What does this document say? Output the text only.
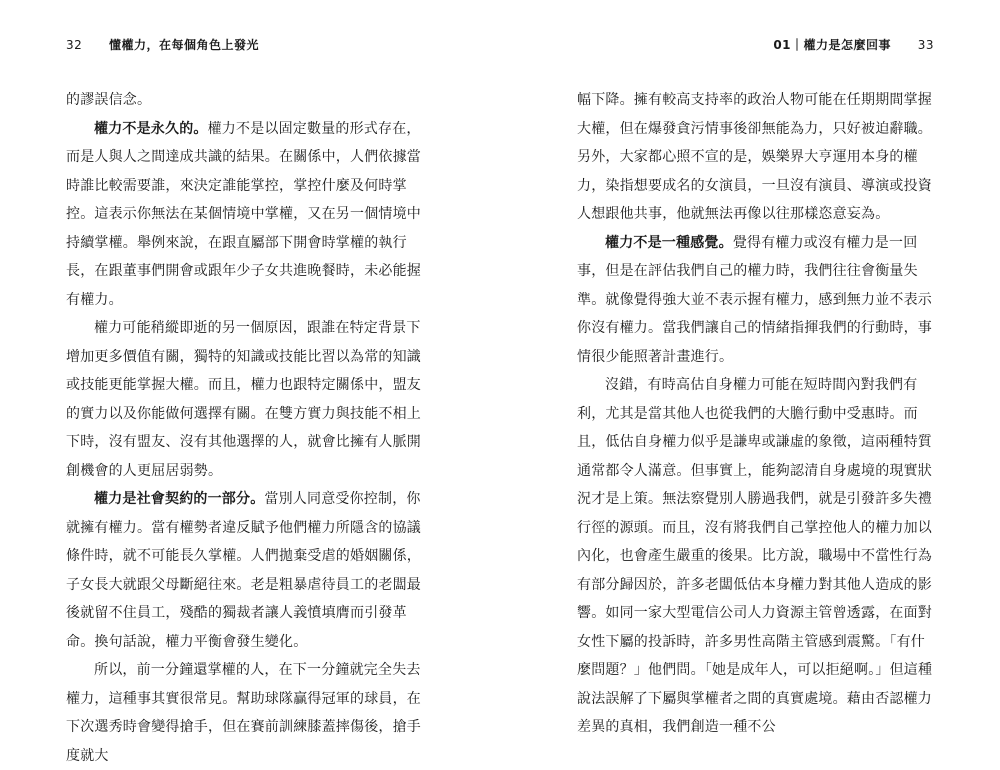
32 懂權力，在每個角色上發光	01｜權力是怎麼回事 33

的謬誤信念。

權力不是永久的。權力不是以固定數量的形式存在，而是人與人之間達成共識的結果。在關係中，人們依據當時誰比較需要誰，來決定誰能掌控，掌控什麼及何時掌控。這表示你無法在某個情境中掌權，又在另一個情境中持續掌權。舉例來說，在跟直屬部下開會時掌權的執行長，在跟董事們開會或跟年少子女共進晚餐時，未必能握有權力。

權力可能稍縱即逝的另一個原因，跟誰在特定背景下增加更多價值有關，獨特的知識或技能比習以為常的知識或技能更能掌握大權。而且，權力也跟特定關係中，盟友的實力以及你能做何選擇有關。在雙方實力與技能不相上下時，沒有盟友、沒有其他選擇的人，就會比擁有人脈開創機會的人更屈居弱勢。

權力是社會契約的一部分。當別人同意受你控制，你就擁有權力。當有權勢者違反賦予他們權力所隱含的協議條件時，就不可能長久掌權。人們拋棄受虐的婚姻關係，子女長大就跟父母斷絕往來。老是粗暴虐待員工的老闆最後就留不住員工，殘酷的獨裁者讓人義憤填膺而引發革命。換句話說，權力平衡會發生變化。

所以，前一分鐘還掌權的人，在下一分鐘就完全失去權力，這種事其實很常見。幫助球隊贏得冠軍的球員，在下次選秀時會變得搶手，但在賽前訓練膝蓋摔傷後，搶手度就大

幅下降。擁有較高支持率的政治人物可能在任期期間掌握大權，但在爆發貪污情事後卻無能為力，只好被迫辭職。另外，大家都心照不宣的是，娛樂界大亨運用本身的權力，染指想要成名的女演員，一旦沒有演員、導演或投資人想跟他共事，他就無法再像以往那樣恣意妄為。

權力不是一種感覺。覺得有權力或沒有權力是一回事，但是在評估我們自己的權力時，我們往往會衡量失準。就像覺得強大並不表示握有權力，感到無力並不表示你沒有權力。當我們讓自己的情緒指揮我們的行動時，事情很少能照著計畫進行。

沒錯，有時高估自身權力可能在短時間內對我們有利，尤其是當其他人也從我們的大膽行動中受惠時。而且，低估自身權力似乎是謙卑或謙虛的象徵，這兩種特質通常都令人滿意。但事實上，能夠認清自身處境的現實狀況才是上策。無法察覺別人勝過我們，就是引發許多失禮行徑的源頭。而且，沒有將我們自己掌控他人的權力加以內化，也會產生嚴重的後果。比方說，職場中不當性行為有部分歸因於，許多老闆低估本身權力對其他人造成的影響。如同一家大型電信公司人力資源主管曾透露，在面對女性下屬的投訴時，許多男性高階主管感到震驚。「有什麼問題？」他們問。「她是成年人，可以拒絕啊。」但這種說法誤解了下屬與掌權者之間的真實處境。藉由否認權力差異的真相，我們創造一種不公
